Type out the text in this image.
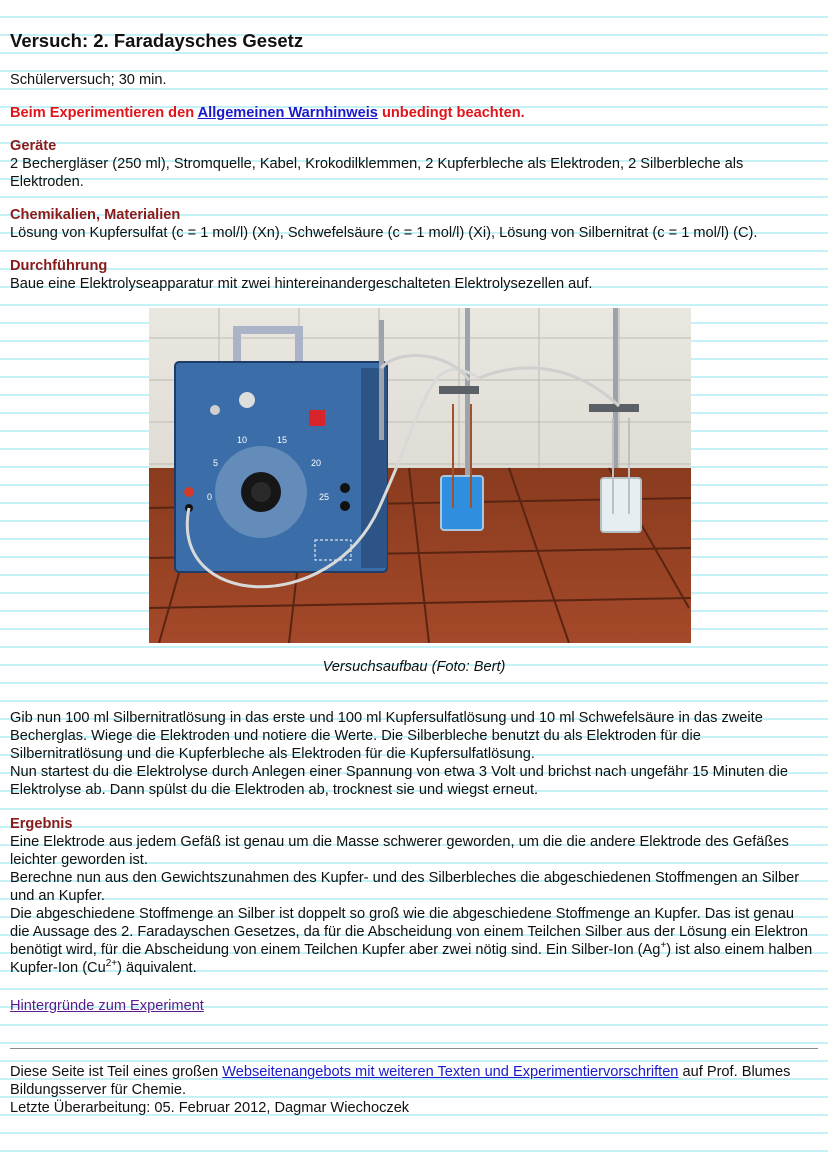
Versuch: 2. Faradaysches Gesetz

Schülerversuch; 30 min.

Beim Experimentieren den Allgemeinen Warnhinweis unbedingt beachten.

Geräte

2 Bechergläser (250 ml), Stromquelle, Kabel, Krokodilklemmen, 2 Kupferbleche als Elektroden, 2 Silberbleche als Elektroden.

Chemikalien, Materialien

Lösung von Kupfersulfat (c = 1 mol/l) (Xn), Schwefelsäure (c = 1 mol/l) (Xi), Lösung von Silbernitrat (c = 1 mol/l) (C).

Durchführung

Baue eine Elektrolyseapparatur mit zwei hintereinandergeschalteten Elektrolysezellen auf.

5
10	15
20
25
0

Versuchsaufbau (Foto: Bert)

Gib nun 100 ml Silbernitratlösung in das erste und 100 ml Kupfersulfatlösung und 10 ml Schwefelsäure in das zweite Becherglas. Wiege die Elektroden und notiere die Werte. Die Silberbleche benutzt du als Elektroden für die Silbernitratlösung und die Kupferbleche als Elektroden für die Kupfersulfatlösung.

Nun startest du die Elektrolyse durch Anlegen einer Spannung von etwa 3 Volt und brichst nach ungefähr 15 Minuten die Elektrolyse ab. Dann spülst du die Elektroden ab, trocknest sie und wiegst erneut.

Ergebnis

Eine Elektrode aus jedem Gefäß ist genau um die Masse schwerer geworden, um die die andere Elektrode des Gefäßes leichter geworden ist.

Berechne nun aus den Gewichtszunahmen des Kupfer- und des Silberbleches die abgeschiedenen Stoffmengen an Silber und an Kupfer.

Die abgeschiedene Stoffmenge an Silber ist doppelt so groß wie die abgeschiedene Stoffmenge an Kupfer. Das ist genau die Aussage des 2. Faradayschen Gesetzes, da für die Abscheidung von einem Teilchen Silber aus der Lösung ein Elektron benötigt wird, für die Abscheidung von einem Teilchen Kupfer aber zwei nötig sind. Ein Silber-Ion (Ag+) ist also einem halben Kupfer-Ion $(Cu^{2+})$ äquivalent.

Hintergründe zum Experiment

Diese Seite ist Teil eines großen Webseitenangebots mit weiteren Texten und Experimentiervorschriften auf Prof. Blumes Bildungsserver für Chemie.

Letzte Überarbeitung: 05. Februar 2012, Dagmar Wiechoczek
